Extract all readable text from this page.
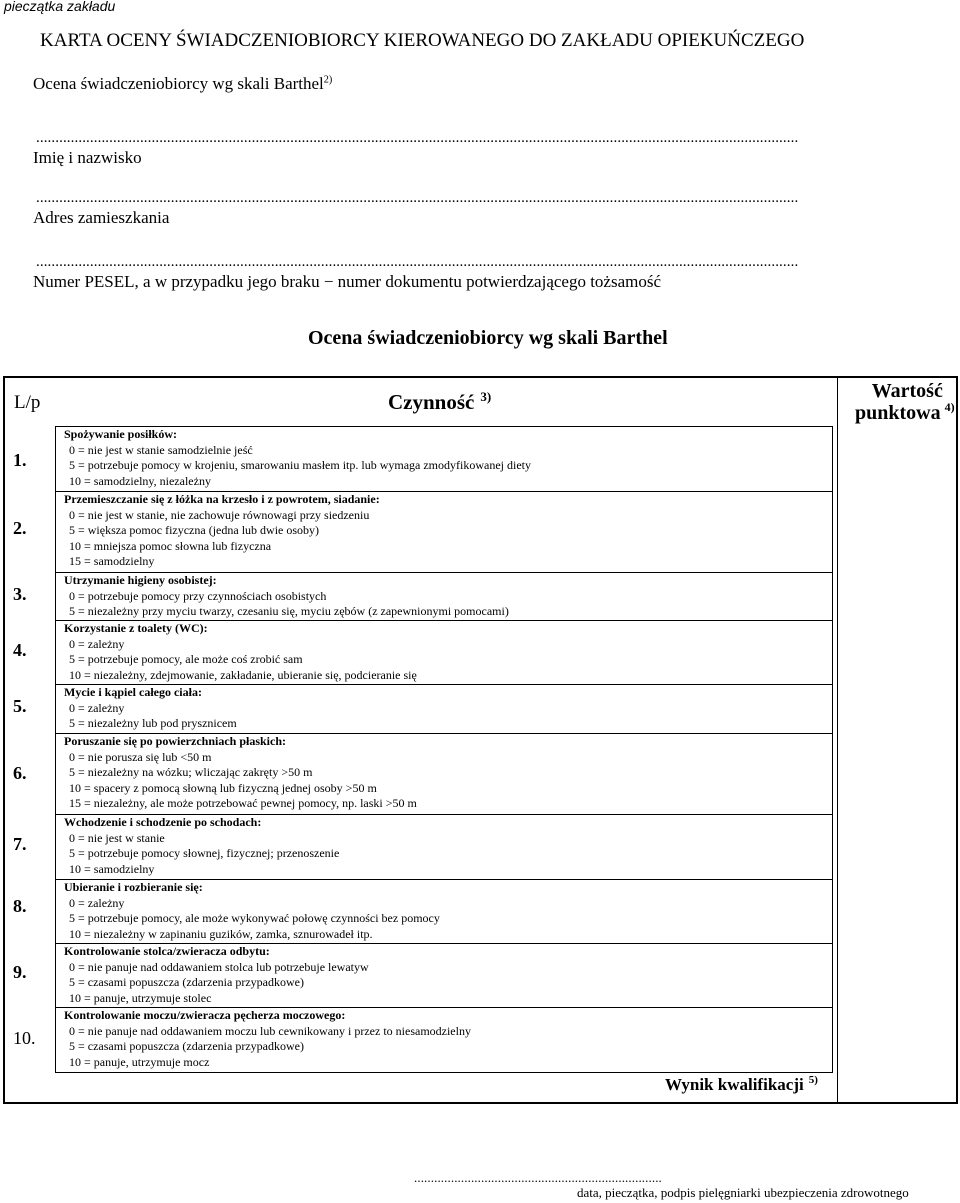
pieczątka zakładu
KARTA OCENY ŚWIADCZENIOBIORCY KIEROWANEGO DO ZAKŁADU OPIEKUŃCZEGO
Ocena świadczeniobiorcy wg skali Barthel$^{2)}$
......................................................................................................................................................................................................
Imię i nazwisko
......................................................................................................................................................................................................
Adres zamieszkania
......................................................................................................................................................................................................
Numer PESEL, a w przypadku jego braku − numer dokumentu potwierdzającego tożsamość
Ocena świadczeniobiorcy wg skali Barthel
L/p	Czynność $^{3)}$	Wartość
punktowa $^{4)}$
1.
2.
3.
4.
5.
6.
7.
8.
9.
10.
Spożywanie posiłków:
0 = nie jest w stanie samodzielnie jeść
5 = potrzebuje pomocy w krojeniu, smarowaniu masłem itp. lub wymaga zmodyfikowanej diety
10 = samodzielny, niezależny
Przemieszczanie się z łóżka na krzesło i z powrotem, siadanie:
0 = nie jest w stanie, nie zachowuje równowagi przy siedzeniu
5 = większa pomoc fizyczna (jedna lub dwie osoby)
10 = mniejsza pomoc słowna lub fizyczna
15 = samodzielny
Utrzymanie higieny osobistej:
0 = potrzebuje pomocy przy czynnościach osobistych
5 = niezależny przy myciu twarzy, czesaniu się, myciu zębów (z zapewnionymi pomocami)
Korzystanie z toalety (WC):
0 = zależny
5 = potrzebuje pomocy, ale może coś zrobić sam
10 = niezależny, zdejmowanie, zakładanie, ubieranie się, podcieranie się
Mycie i kąpiel całego ciała:
0 = zależny
5 = niezależny lub pod prysznicem
Poruszanie się po powierzchniach płaskich:
0 = nie porusza się lub <50 m
5 = niezależny na wózku; wliczając zakręty >50 m
10 = spacery z pomocą słowną lub fizyczną jednej osoby >50 m
15 = niezależny, ale może potrzebować pewnej pomocy, np. laski >50 m
Wchodzenie i schodzenie po schodach:
0 = nie jest w stanie
5 = potrzebuje pomocy słownej, fizycznej; przenoszenie
10 = samodzielny
Ubieranie i rozbieranie się:
0 = zależny
5 = potrzebuje pomocy, ale może wykonywać połowę czynności bez pomocy
10 = niezależny w zapinaniu guzików, zamka, sznurowadeł itp.
Kontrolowanie stolca/zwieracza odbytu:
0 = nie panuje nad oddawaniem stolca lub potrzebuje lewatyw
5 = czasami popuszcza (zdarzenia przypadkowe)
10 = panuje, utrzymuje stolec
Kontrolowanie moczu/zwieracza pęcherza moczowego:
0 = nie panuje nad oddawaniem moczu lub cewnikowany i przez to niesamodzielny
5 = czasami popuszcza (zdarzenia przypadkowe)
10 = panuje, utrzymuje mocz
Wynik kwalifikacji $^{5)}$
..........................................................................
data, pieczątka, podpis pielęgniarki ubezpieczenia zdrowotnego
